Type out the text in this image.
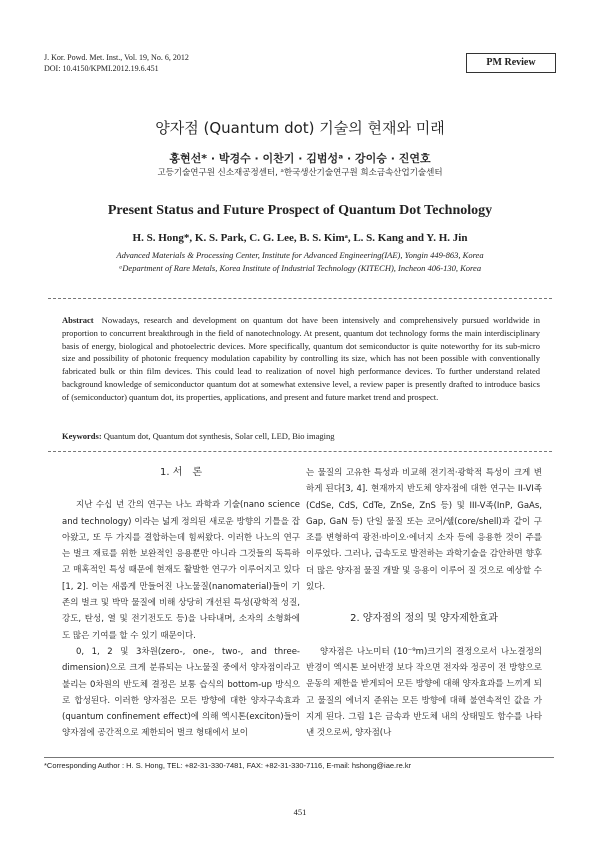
J. Kor. Powd. Met. Inst., Vol. 19, No. 6, 2012
DOI: 10.4150/KPMI.2012.19.6.451
PM Review
양자점 (Quantum dot) 기술의 현재와 미래
홍현선* · 박경수 · 이찬기 · 김범성ᵃ · 강이승 · 진연호
고등기술연구원 신소재공정센터, ᵃ한국생산기술연구원 희소금속산업기술센터
Present Status and Future Prospect of Quantum Dot Technology
H. S. Hong*, K. S. Park, C. G. Lee, B. S. Kimᵃ, L. S. Kang and Y. H. Jin
Advanced Materials & Processing Center, Institute for Advanced Engineering(IAE), Yongin 449-863, Korea
ᵃDepartment of Rare Metals, Korea Institute of Industrial Technology (KITECH), Incheon 406-130, Korea
Abstract Nowadays, research and development on quantum dot have been intensively and comprehensively pursued worldwide in proportion to concurrent breakthrough in the field of nanotechnology. At present, quantum dot technology forms the main interdisciplinary basis of energy, biological and photoelectric devices. More specifically, quantum dot semiconductor is quite noteworthy for its sub-micro size and possibility of photonic frequency modulation capability by controlling its size, which has not been possible with conventionally fabricated bulk or thin film devices. This could lead to realization of novel high performance devices. To further understand related background knowledge of semiconductor quantum dot at somewhat extensive level, a review paper is presently drafted to introduce basics of (semiconductor) quantum dot, its properties, applications, and present and future market trend and prospect.
Keywords: Quantum dot, Quantum dot synthesis, Solar cell, LED, Bio imaging
1. 서　론

지난 수십 년 간의 연구는 나노 과학과 기술(nano science and technology) 이라는 넓게 정의된 새로운 방향의 기틀을 잡아왔고, 또 두 가지를 결합하는데 힘써왔다. 이러한 나노의 연구는 벌크 재료를 위한 보완적인 응용뿐만 아니라 그것들의 독특하고 매혹적인 특성 때문에 현재도 활발한 연구가 이루어지고 있다[1, 2]. 이는 새롭게 만들어진 나노물질(nanomaterial)들이 기존의 벌크 및 박막 물질에 비해 상당히 개선된 특성(광학적 성질, 강도, 탄성, 열 및 전기전도도 등)을 나타내며, 소자의 소형화에도 많은 기여를 할 수 있기 때문이다.

0, 1, 2 및 3차원(zero-, one-, two-, and three-dimension)으로 크게 분류되는 나노물질 중에서 양자점이라고 불리는 0차원의 반도체 결정은 보통 습식의 bottom-up 방식으로 합성된다. 이러한 양자점은 모든 방향에 대한 양자구속효과(quantum confinement effect)에 의해 엑시톤(exciton)들이 양자점에 공간적으로 제한되어 벌크 형태에서 보이

는 물질의 고유한 특성과 비교해 전기적·광학적 특성이 크게 변하게 된다[3, 4]. 현재까지 반도체 양자점에 대한 연구는 II-VI족(CdSe, CdS, CdTe, ZnSe, ZnS 등) 및 III-V족(InP, GaAs, Gap, GaN 등) 단일 물질 또는 코어/쉘(core/shell)과 같이 구조를 변형하여 광전·바이오·에너지 소자 등에 응용한 것이 주를 이루었다. 그러나, 급속도로 발전하는 과학기술을 감안하면 향후 더 많은 양자점 물질 개발 및 응용이 이루어 질 것으로 예상할 수 있다.

2. 양자점의 정의 및 양자제한효과

양자점은 나노미터 (10⁻⁹m)크기의 결정으로서 나노결정의 반경이 엑시톤 보어반경 보다 작으면 전자와 정공이 전 방향으로 운동의 제한을 받게되어 모든 방향에 대해 양자효과를 느끼게 되고 물질의 에너지 준위는 모든 방향에 대해 불연속적인 값을 가지게 된다. 그림 1은 금속과 반도체 내의 상태밀도 함수를 나타낸 것으로써, 양자점(나

*Corresponding Author : H. S. Hong, TEL: +82-31-330-7481, FAX: +82-31-330-7116, E-mail: hshong@iae.re.kr
451
